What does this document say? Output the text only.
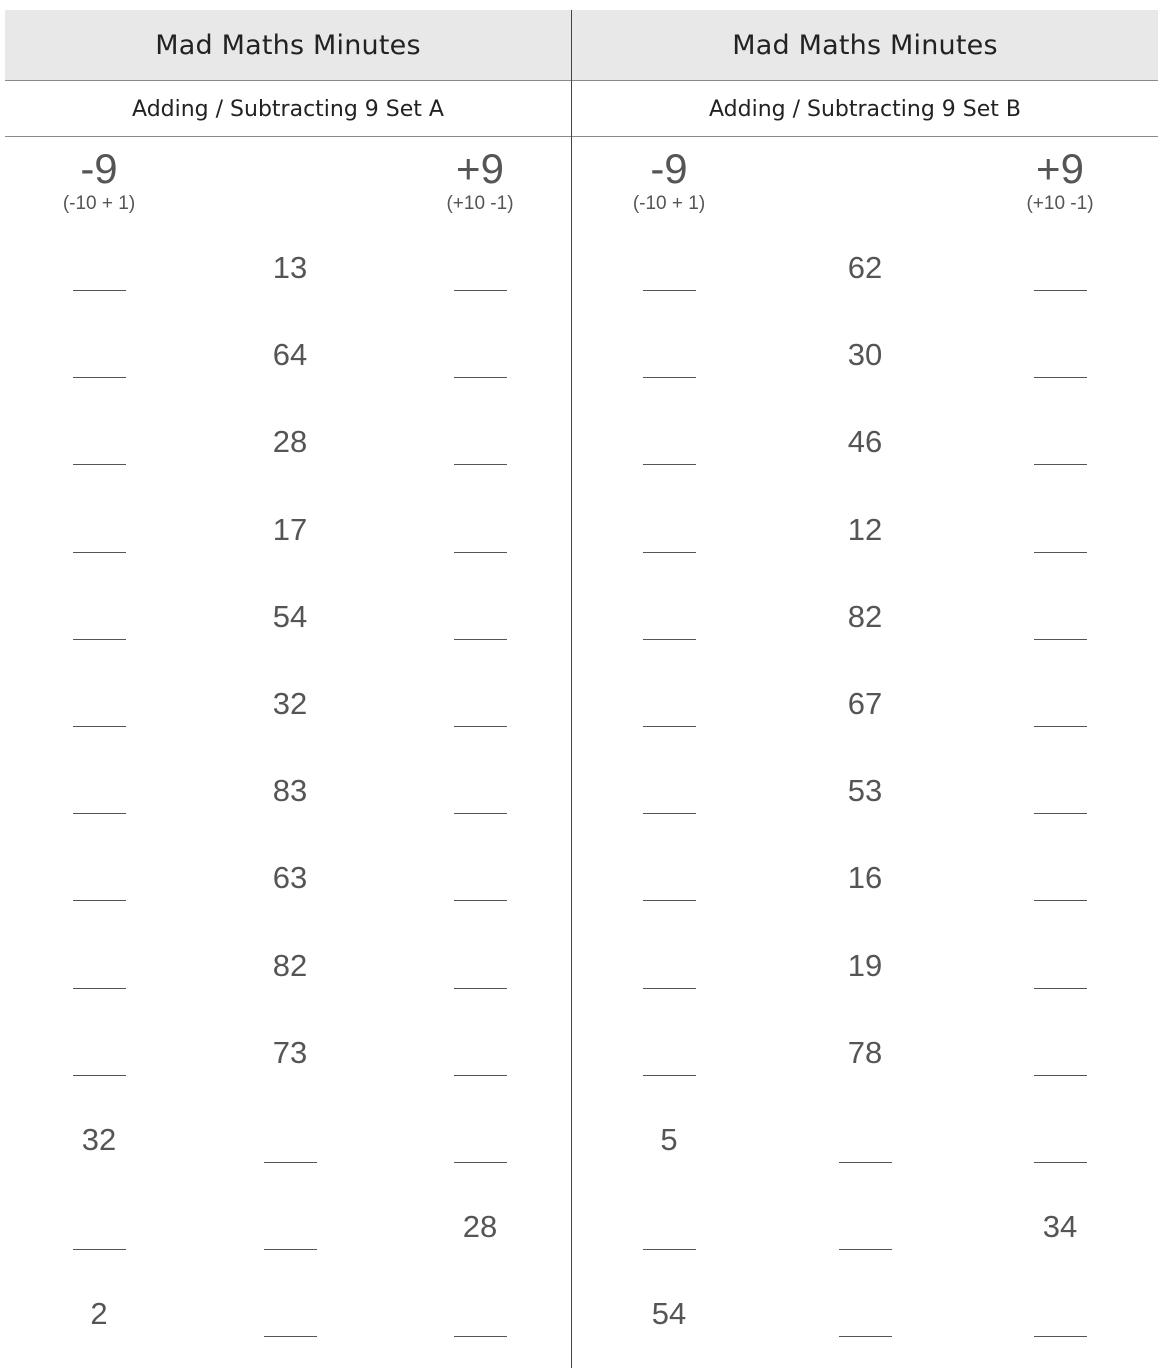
Mad Maths Minutes	Mad Maths Minutes
Adding / Subtracting 9 Set A	Adding / Subtracting 9 Set B
-9
(-10 + 1)
+9
(+10 -1)
13
64
28
17
54
32
83
63
82
73
32
28
2
-9
(-10 + 1)
+9
(+10 -1)
62
30
46
12
82
67
53
16
19
78
5
34
54
